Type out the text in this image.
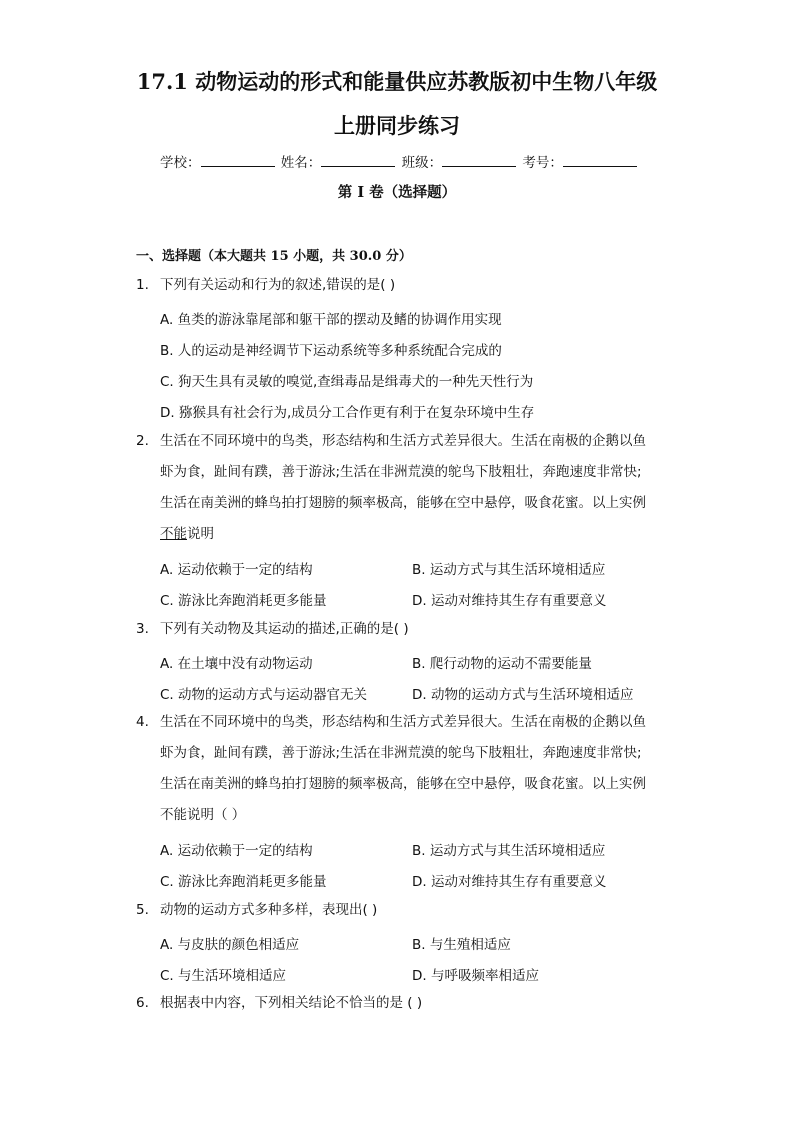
17.1 动物运动的形式和能量供应苏教版初中生物八年级
上册同步练习
学校：	姓名：	班级：	考号：
第 I 卷（选择题）
一、选择题（本大题共 15 小题，共 30.0 分）
1. 下列有关运动和行为的叙述,错误的是( )
A. 鱼类的游泳靠尾部和躯干部的摆动及鳍的协调作用实现
B. 人的运动是神经调节下运动系统等多种系统配合完成的
C. 狗天生具有灵敏的嗅觉,查缉毒品是缉毒犬的一种先天性行为
D. 猕猴具有社会行为,成员分工合作更有利于在复杂环境中生存
2. 生活在不同环境中的鸟类，形态结构和生活方式差异很大。生活在南极的企鹅以鱼
虾为食，趾间有蹼，善于游泳;生活在非洲荒漠的鸵鸟下肢粗壮，奔跑速度非常快;
生活在南美洲的蜂鸟拍打翅膀的频率极高，能够在空中悬停，吸食花蜜。以上实例
不能说明
A. 运动依赖于一定的结构	B. 运动方式与其生活环境相适应
C. 游泳比奔跑消耗更多能量	D. 运动对维持其生存有重要意义
3. 下列有关动物及其运动的描述,正确的是( )
A. 在土壤中没有动物运动	B. 爬行动物的运动不需要能量
C. 动物的运动方式与运动器官无关	D. 动物的运动方式与生活环境相适应
4. 生活在不同环境中的鸟类，形态结构和生活方式差异很大。生活在南极的企鹅以鱼
虾为食，趾间有蹼，善于游泳;生活在非洲荒漠的鸵鸟下肢粗壮，奔跑速度非常快;
生活在南美洲的蜂鸟拍打翅膀的频率极高，能够在空中悬停，吸食花蜜。以上实例
不能说明（ ）
A. 运动依赖于一定的结构	B. 运动方式与其生活环境相适应
C. 游泳比奔跑消耗更多能量	D. 运动对维持其生存有重要意义
5. 动物的运动方式多种多样，表现出( )
A. 与皮肤的颜色相适应	B. 与生殖相适应
C. 与生活环境相适应	D. 与呼吸频率相适应
6. 根据表中内容，下列相关结论不恰当的是 ( )
